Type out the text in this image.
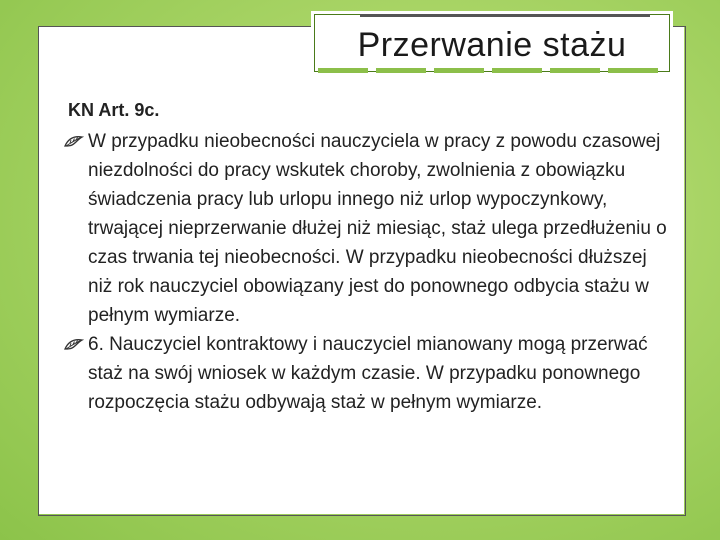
Przerwanie stażu
KN Art. 9c.
W przypadku nieobecności nauczyciela w pracy z powodu czasowej niezdolności do pracy wskutek choroby, zwolnienia z obowiązku świadczenia pracy lub urlopu innego niż urlop wypoczynkowy, trwającej nieprzerwanie dłużej niż miesiąc, staż ulega przedłużeniu o czas trwania tej nieobecności. W przypadku nieobecności dłuższej niż rok nauczyciel obowiązany jest do ponownego odbycia stażu w pełnym wymiarze.
6. Nauczyciel kontraktowy i nauczyciel mianowany mogą przerwać staż na swój wniosek w każdym czasie. W przypadku ponownego rozpoczęcia stażu odbywają staż w pełnym wymiarze.
